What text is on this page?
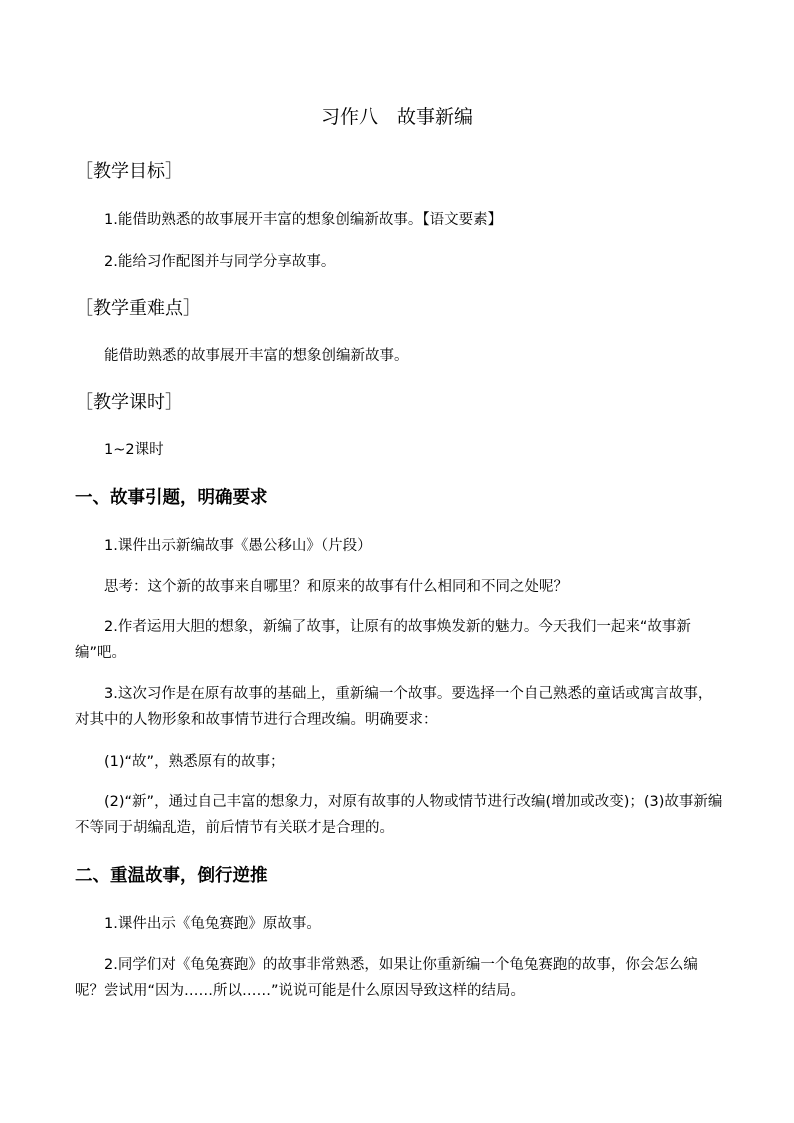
习作八　故事新编
［教学目标］
1.能借助熟悉的故事展开丰富的想象创编新故事。【语文要素】
2.能给习作配图并与同学分享故事。
［教学重难点］
能借助熟悉的故事展开丰富的想象创编新故事。
［教学课时］
1~2课时
一、故事引题，明确要求
1.课件出示新编故事《愚公移山》（片段）
思考：这个新的故事来自哪里？和原来的故事有什么相同和不同之处呢？
2.作者运用大胆的想象，新编了故事，让原有的故事焕发新的魅力。今天我们一起来“故事新编”吧。
3.这次习作是在原有故事的基础上，重新编一个故事。要选择一个自己熟悉的童话或寓言故事，对其中的人物形象和故事情节进行合理改编。明确要求：
(1)“故”，熟悉原有的故事；
(2)“新”，通过自己丰富的想象力，对原有故事的人物或情节进行改编(增加或改变)；(3)故事新编不等同于胡编乱造，前后情节有关联才是合理的。
二、重温故事，倒行逆推
1.课件出示《龟兔赛跑》原故事。
2.同学们对《龟兔赛跑》的故事非常熟悉，如果让你重新编一个龟兔赛跑的故事，你会怎么编呢？尝试用“因为……所以……”说说可能是什么原因导致这样的结局。
